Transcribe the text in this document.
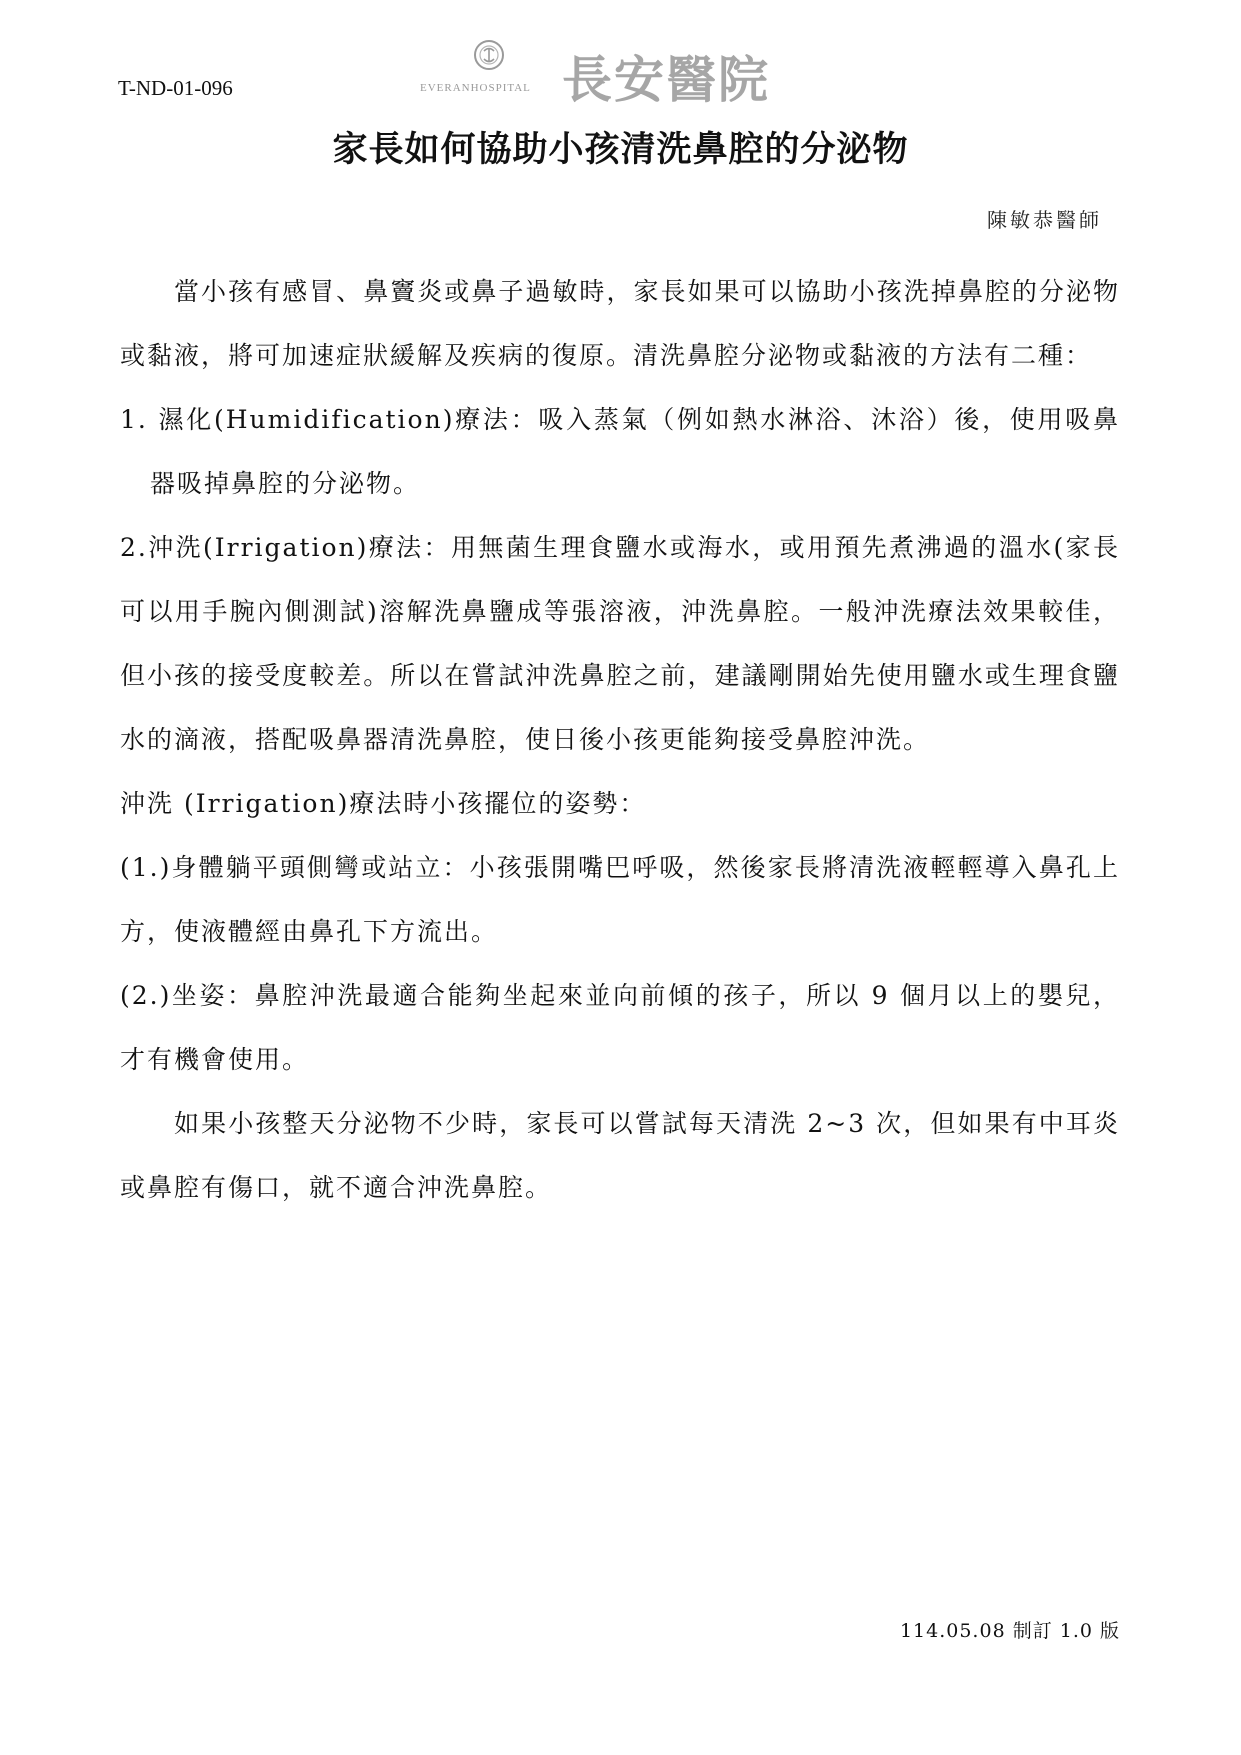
T-ND-01-096	EVERANHOSPITAL 長安醫院
家長如何協助小孩清洗鼻腔的分泌物
陳敏恭醫師

當小孩有感冒、鼻竇炎或鼻子過敏時，家長如果可以協助小孩洗掉鼻腔的分泌物或黏液，將可加速症狀緩解及疾病的復原。清洗鼻腔分泌物或黏液的方法有二種：

1. 濕化(Humidification)療法：吸入蒸氣（例如熱水淋浴、沐浴）後，使用吸鼻器吸掉鼻腔的分泌物。

2.沖洗(Irrigation)療法：用無菌生理食鹽水或海水，或用預先煮沸過的溫水(家長可以用手腕內側測試)溶解洗鼻鹽成等張溶液，沖洗鼻腔。一般沖洗療法效果較佳，但小孩的接受度較差。所以在嘗試沖洗鼻腔之前，建議剛開始先使用鹽水或生理食鹽水的滴液，搭配吸鼻器清洗鼻腔，使日後小孩更能夠接受鼻腔沖洗。

沖洗 (Irrigation)療法時小孩擺位的姿勢：

(1.)身體躺平頭側彎或站立：小孩張開嘴巴呼吸，然後家長將清洗液輕輕導入鼻孔上方，使液體經由鼻孔下方流出。

(2.)坐姿：鼻腔沖洗最適合能夠坐起來並向前傾的孩子，所以 9 個月以上的嬰兒，才有機會使用。

如果小孩整天分泌物不少時，家長可以嘗試每天清洗 2~3 次，但如果有中耳炎或鼻腔有傷口，就不適合沖洗鼻腔。

114.05.08 制訂 1.0 版
